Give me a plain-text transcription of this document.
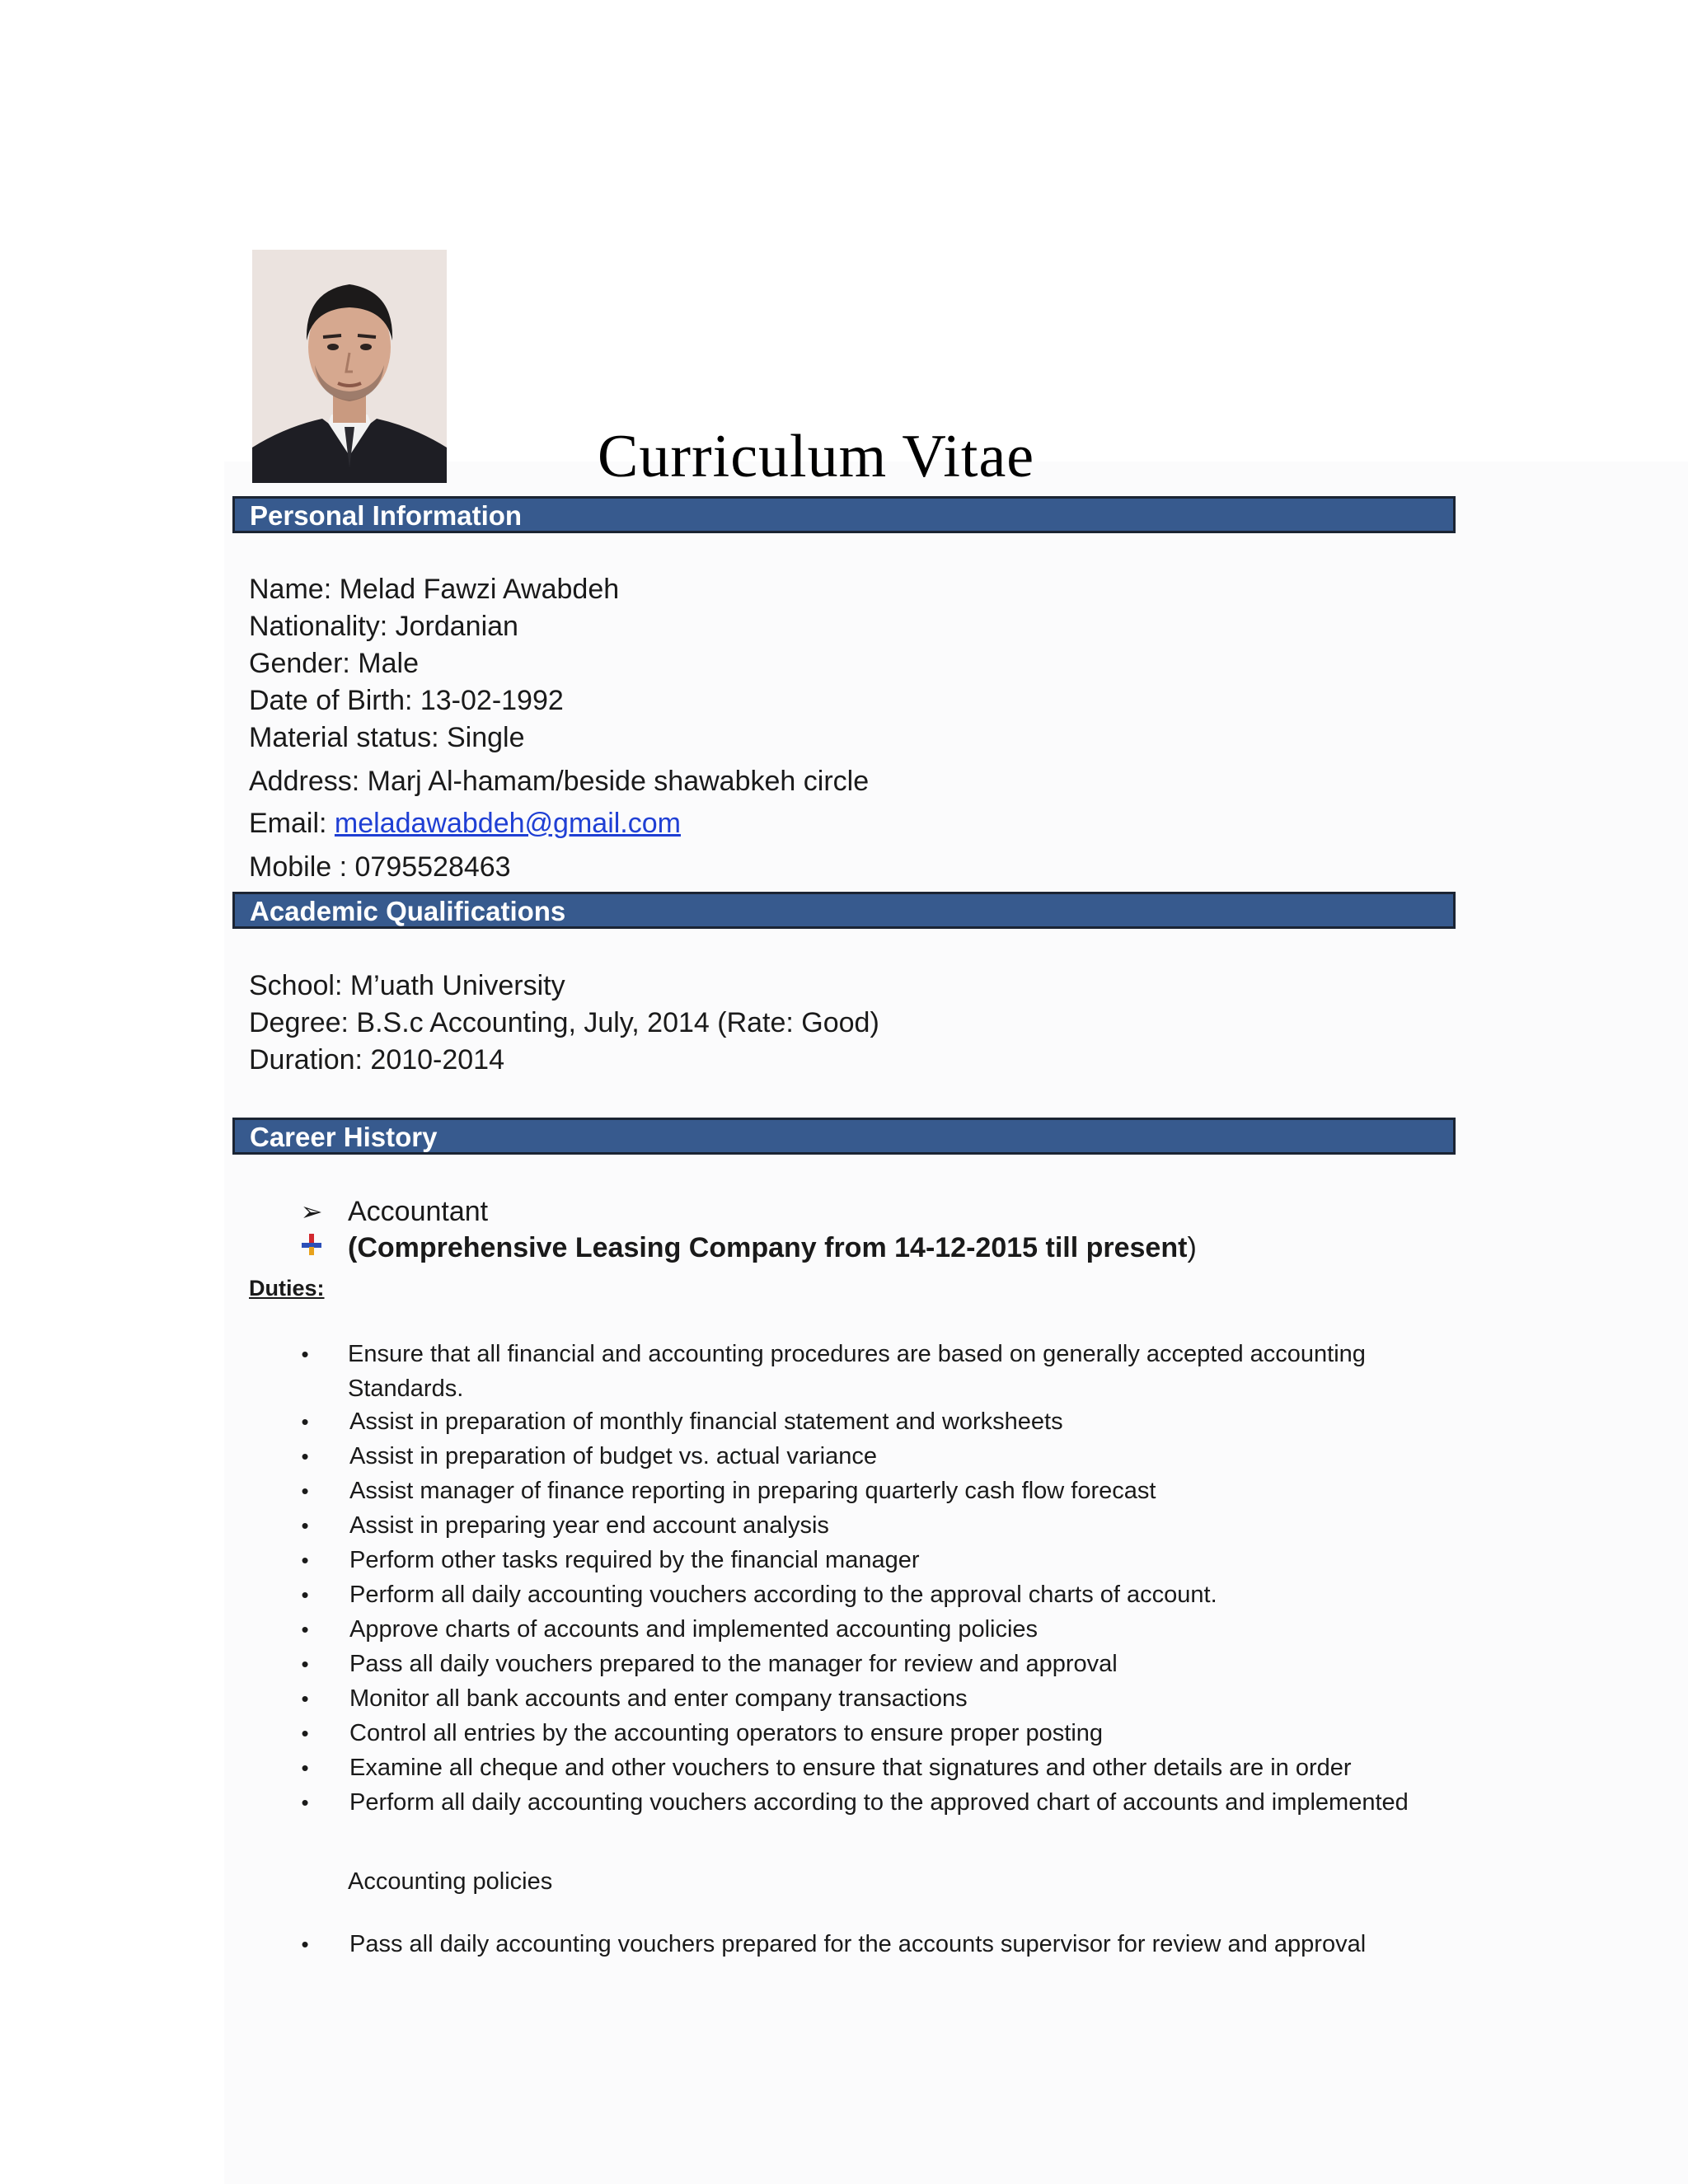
Curriculum Vitae
Personal Information
Name: Melad Fawzi Awabdeh
Nationality: Jordanian
Gender: Male
Date of Birth: 13-02-1992
Material status: Single
Address: Marj Al-hamam/beside shawabkeh circle
Email: meladawabdeh@gmail.com
Mobile : 0795528463
Academic Qualifications
School: M’uath University
Degree: B.S.c Accounting, July, 2014 (Rate: Good)
Duration: 2010-2014
Career History
➢ Accountant
(Comprehensive Leasing Company from 14-12-2015 till present)
Duties:
• Ensure that all financial and accounting procedures are based on generally accepted accounting Standards.
• Assist in preparation of monthly financial statement and worksheets
• Assist in preparation of budget vs. actual variance
• Assist manager of finance reporting in preparing quarterly cash flow forecast
• Assist in preparing year end account analysis
• Perform other tasks required by the financial manager
• Perform all daily accounting vouchers according to the approval charts of account.
• Approve charts of accounts and implemented accounting policies
• Pass all daily vouchers prepared to the manager for review and approval
• Monitor all bank accounts and enter company transactions
• Control all entries by the accounting operators to ensure proper posting
• Examine all cheque and other vouchers to ensure that signatures and other details are in order
• Perform all daily accounting vouchers according to the approved chart of accounts and implemented
Accounting policies
• Pass all daily accounting vouchers prepared for the accounts supervisor for review and approval
